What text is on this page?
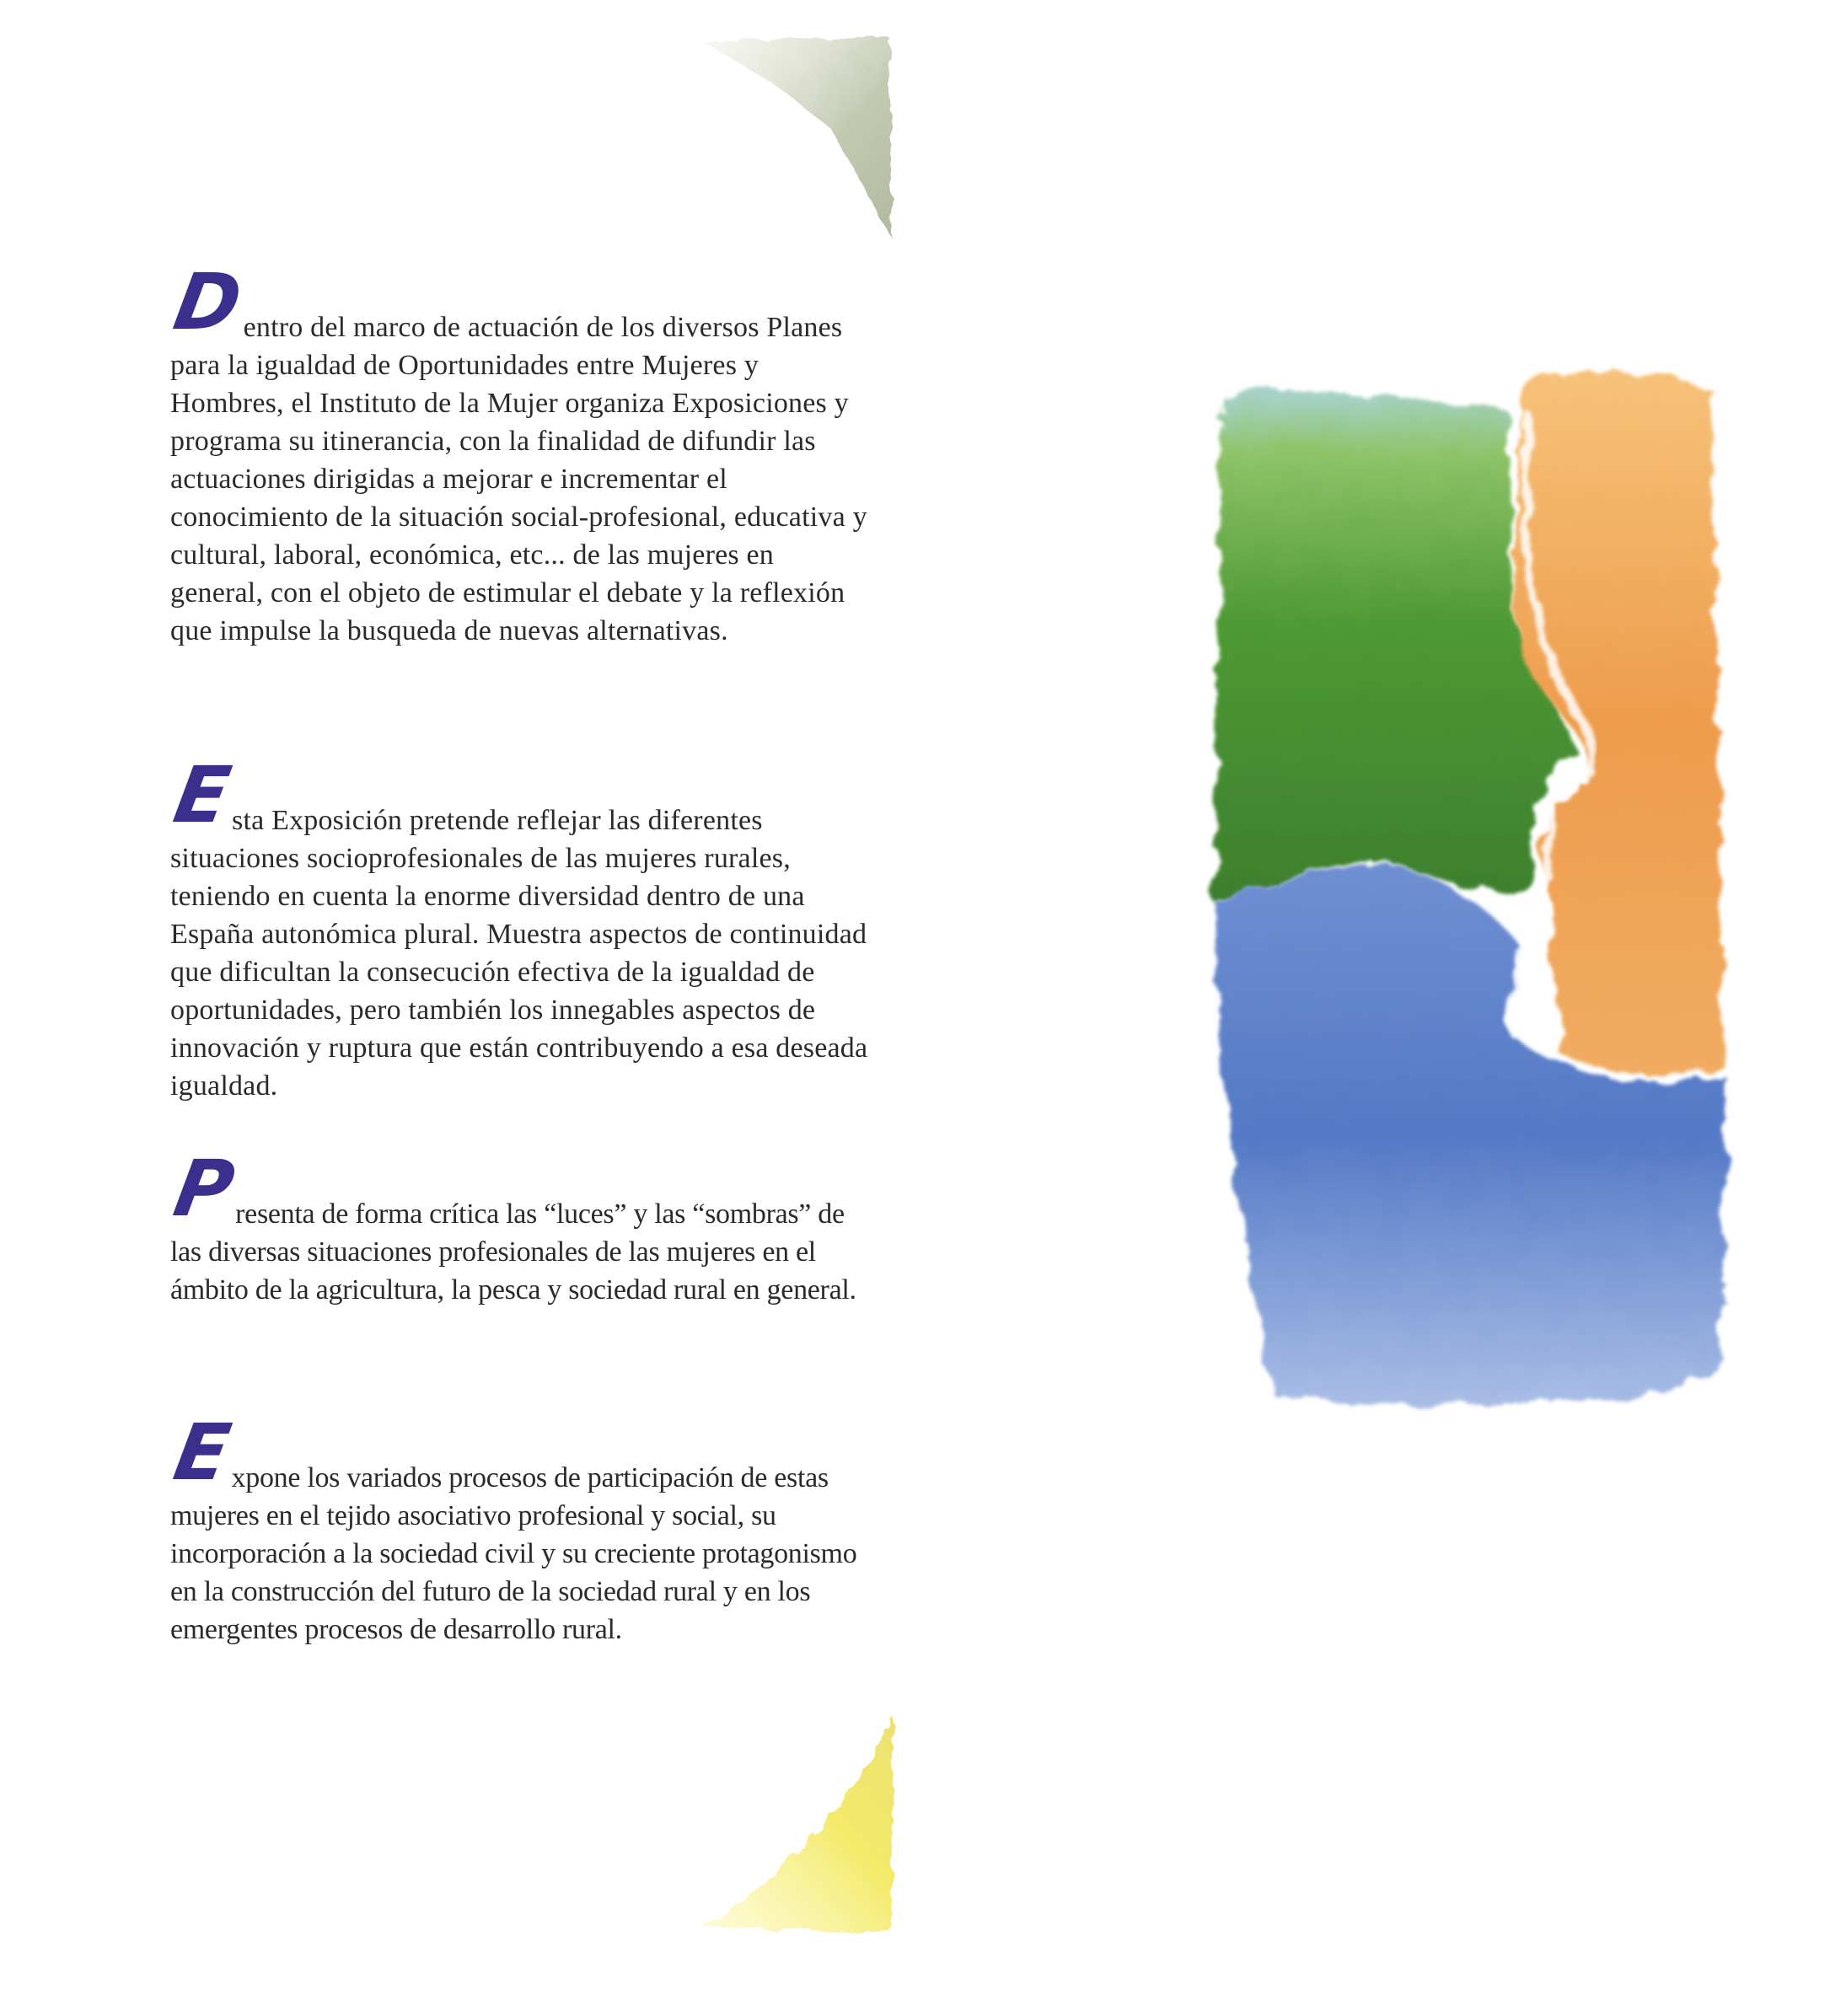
D
entro del marco de actuación de los diversos Planes para la igualdad de Oportunidades entre Mujeres y Hombres, el Instituto de la Mujer organiza Exposiciones y programa su itinerancia, con la finalidad de difundir las actuaciones dirigidas a mejorar e incrementar el conocimiento de la situación social-profesional, educativa y cultural, laboral, económica, etc... de las mujeres en general, con el objeto de estimular el debate y la reflexión que impulse la busqueda de nuevas alternativas.
E
sta Exposición pretende reflejar las diferentes situaciones socioprofesionales de las mujeres rurales, teniendo en cuenta la enorme diversidad dentro de una España autonómica plural. Muestra aspectos de continuidad que dificultan la consecución efectiva de la igualdad de oportunidades, pero también los innegables aspectos de innovación y ruptura que están contribuyendo a esa deseada igualdad.
P
resenta de forma crítica las “luces” y las “sombras” de las diversas situaciones profesionales de las mujeres en el ámbito de la agricultura, la pesca y sociedad rural en general.
E
xpone los variados procesos de participación de estas mujeres en el tejido asociativo profesional y social, su incorporación a la sociedad civil y su creciente protagonismo en la construcción del futuro de la sociedad rural y en los emergentes procesos de desarrollo rural.
